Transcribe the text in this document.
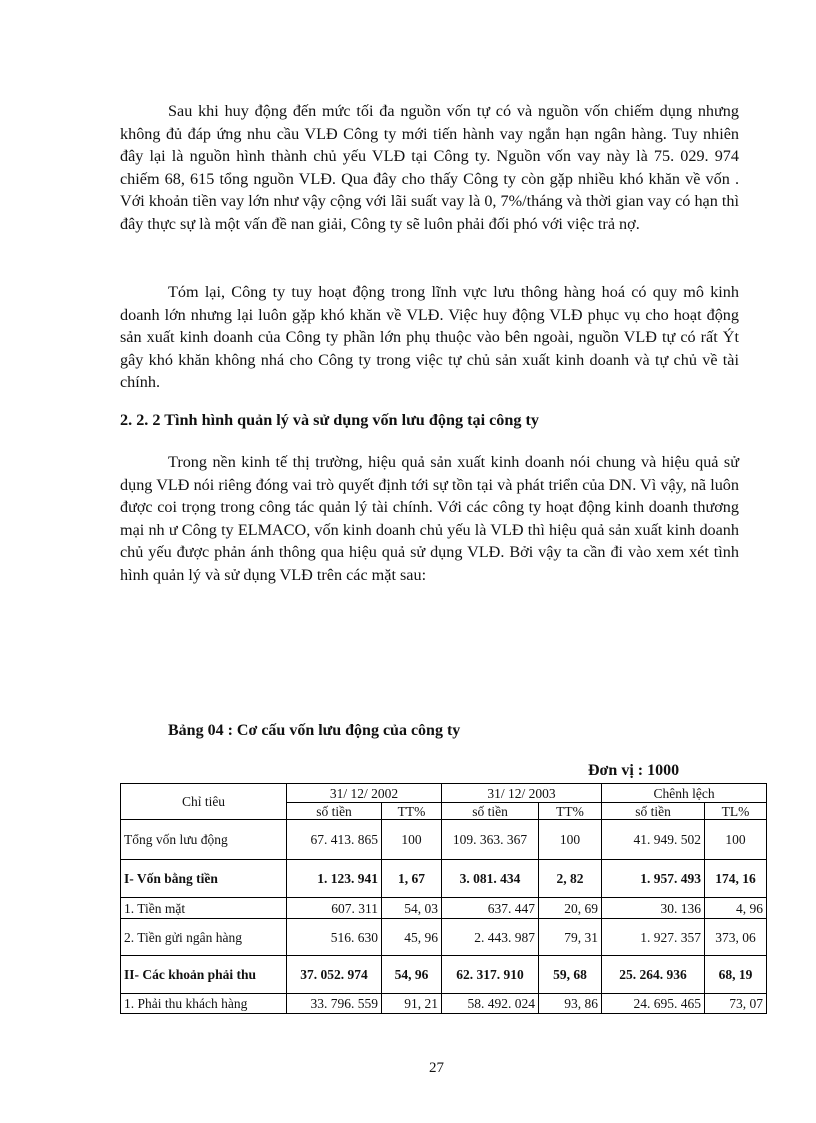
Sau khi huy động đến mức tối đa nguồn vốn tự có và nguồn vốn chiếm dụng nhưng không đủ đáp ứng nhu cầu VLĐ Công ty mới tiến hành vay ngắn hạn ngân hàng. Tuy nhiên đây lại là nguồn hình thành chủ yếu VLĐ tại Công ty. Nguồn vốn vay này là 75. 029. 974 chiếm 68, 615 tổng nguồn VLĐ. Qua đây cho thấy Công ty còn gặp nhiều khó khăn về vốn . Với khoản tiền vay lớn như vậy cộng với lãi suất vay là 0, 7%/tháng và thời gian vay có hạn thì đây thực sự là một vấn đề nan giải, Công ty sẽ luôn phải đối phó với việc trả nợ.

Tóm lại, Công ty tuy hoạt động trong lĩnh vực lưu thông hàng hoá có quy mô kinh doanh lớn nhưng lại luôn gặp khó khăn về VLĐ. Việc huy động VLĐ phục vụ cho hoạt động sản xuất kinh doanh của Công ty phần lớn phụ thuộc vào bên ngoài, nguồn VLĐ tự có rất Ýt gây khó khăn không nhá cho Công ty trong việc tự chủ sản xuất kinh doanh và tự chủ về tài chính.

2. 2. 2 Tình hình quản lý và sử dụng vốn lưu động tại công ty

Trong nền kinh tế thị trường, hiệu quả sản xuất kinh doanh nói chung và hiệu quả sử dụng VLĐ nói riêng đóng vai trò quyết định tới sự tồn tại và phát triển của DN. Vì vậy, nã luôn được coi trọng trong công tác quản lý tài chính. Với các công ty hoạt động kinh doanh thương mại nh ư Công ty ELMACO, vốn kinh doanh chủ yếu là VLĐ thì hiệu quả sản xuất kinh doanh chủ yếu được phản ánh thông qua hiệu quả sử dụng VLĐ. Bởi vậy ta cần đi vào xem xét tình hình quản lý và sử dụng VLĐ trên các mặt sau:

Bảng 04 : Cơ cấu vốn lưu động của công ty

Đơn vị : 1000
Chỉ tiêu	31/ 12/ 2002		31/ 12/ 2003		Chênh lệch	
	số tiền	TT%	số tiền	TT%	số tiền	TL%
Tổng vốn lưu động	67. 413. 865	100	109. 363. 367	100	41. 949. 502	100
I- Vốn bằng tiền	1. 123. 941	1, 67	3. 081. 434	2, 82	1. 957. 493	174, 16
1. Tiền mặt	607. 311	54, 03	637. 447	20, 69	30. 136	4, 96
2. Tiền gửi ngân hàng	516. 630	45, 96	2. 443. 987	79, 31	1. 927. 357	373, 06
II- Các khoản phải thu	37. 052. 974	54, 96	62. 317. 910	59, 68	25. 264. 936	68, 19
1. Phải thu khách hàng	33. 796. 559	91, 21	58. 492. 024	93, 86	24. 695. 465	73, 07
27
